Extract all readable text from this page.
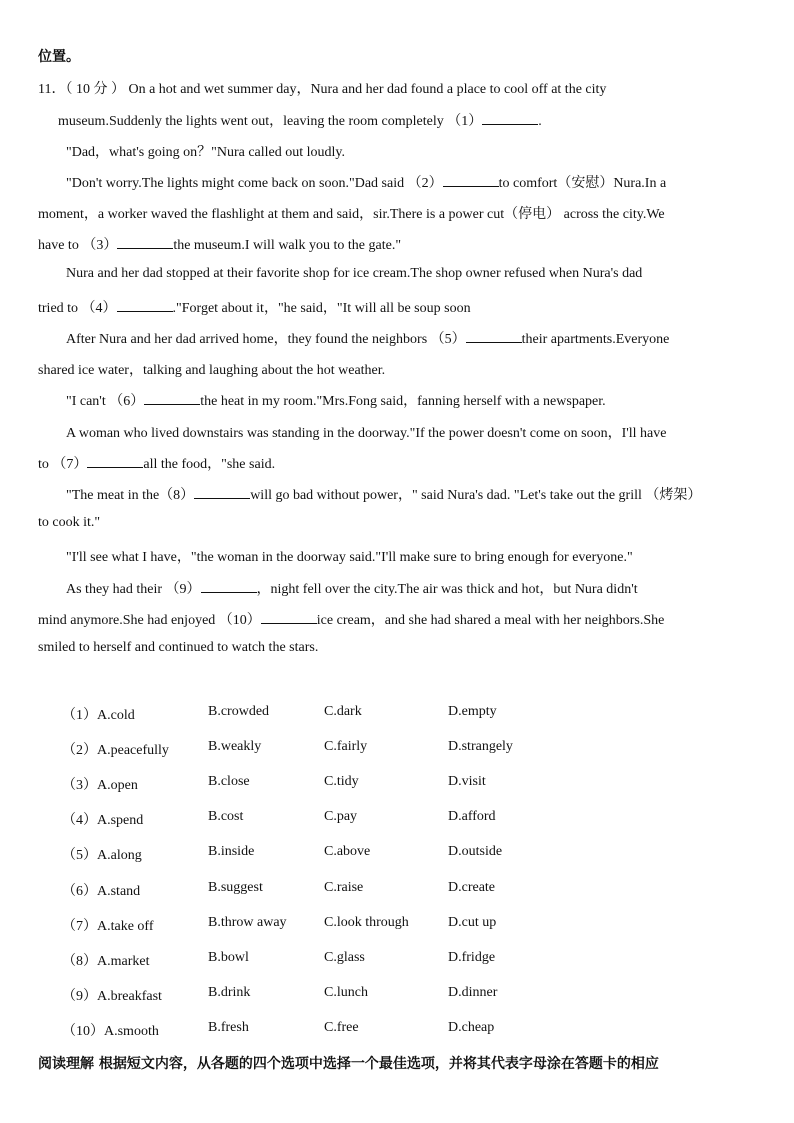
位置。
11．（ 10 分 ） On a hot and wet summer day，Nura and her dad found a place to cool off at the city
museum.Suddenly the lights went out，leaving the room completely （1）	.
"Dad，what's going on？"Nura called out loudly.
"Don't worry.The lights might come back on soon."Dad said （2）	to comfort（安慰）Nura.In a
moment，a worker waved the flashlight at them and said，sir.There is a power cut（停电） across the city.We
have to （3）	the museum.I will walk you to the gate."
Nura and her dad stopped at their favorite shop for ice cream.The shop owner refused when Nura's dad
tried to （4）	."Forget about it，"he said，"It will all be soup soon
After Nura and her dad arrived home，they found the neighbors （5）	their apartments.Everyone
shared ice water，talking and laughing about the hot weather.
"I can't （6）	the heat in my room."Mrs.Fong said，fanning herself with a newspaper.
A woman who lived downstairs was standing in the doorway."If the power doesn't come on soon，I'll have
to （7）	all the food，"she said.
"The meat in the（8）	will go bad without power，" said Nura's dad. "Let's take out the grill （烤架）
to cook it."
"I'll see what I have，"the woman in the doorway said."I'll make sure to bring enough for everyone."
As they had their （9）	，night fell over the city.The air was thick and hot，but Nura didn't
mind anymore.She had enjoyed （10）	ice cream，and she had shared a meal with her neighbors.She
smiled to herself and continued to watch the stars.
（1）A.cold	B.crowded	C.dark	D.empty
（2）A.peacefully	B.weakly	C.fairly	D.strangely
（3）A.open	B.close	C.tidy	D.visit
（4）A.spend	B.cost	C.pay	D.afford
（5）A.along	B.inside	C.above	D.outside
（6）A.stand	B.suggest	C.raise	D.create
（7）A.take off	B.throw away	C.look through	D.cut up
（8）A.market	B.bowl	C.glass	D.fridge
（9）A.breakfast	B.drink	C.lunch	D.dinner
（10）A.smooth	B.fresh	C.free	D.cheap
阅读理解 根据短文内容，从各题的四个选项中选择一个最佳选项，并将其代表字母涂在答题卡的相应
